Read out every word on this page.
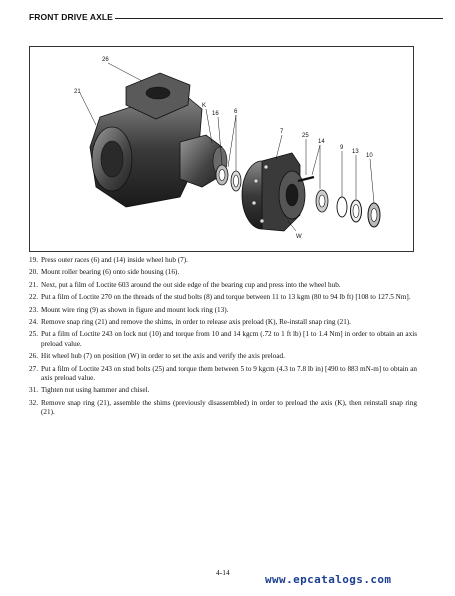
FRONT DRIVE AXLE
26
21
K
16	6
7
25
14
9
13
10
W
19. Press outer races (6) and (14) inside wheel hub (7).
20. Mount roller bearing (6) onto side housing (16).
21. Next, put a film of Loctite 603 around the out side edge of the bearing cup and press into the wheel hub.
22. Put a film of Loctite 270 on the threads of the stud bolts (8) and torque between 11 to 13 kgm (80 to 94 lb ft) [108 to 127.5 Nm].
23. Mount wire ring (9) as shown in figure and mount lock ring (13).
24. Remove snap ring (21) and remove the shims, in order to release axis preload (K), Re-install snap ring (21).
25. Put a film of Loctite 243 on lock nut (10) and torque from 10 and 14 kgcm (.72 to 1 ft lb) [1 to 1.4 Nm] in order to obtain an axis preload value.
26. Hit wheel hub (7) on position (W) in order to set the axis and verify the axis preload.
27. Put a film of Loctite 243 on stud bolts (25) and torque them between 5 to 9 kgcm (4.3 to 7.8 lb in) [490 to 883 mN-m] to obtain an axis preload value.
31. Tighten nut using hammer and chisel.
32. Remove snap ring (21), assemble the shims (previously disassembled) in order to preload the axis (K), then reinstall snap ring (21).
4-14
www.epcatalogs.com
